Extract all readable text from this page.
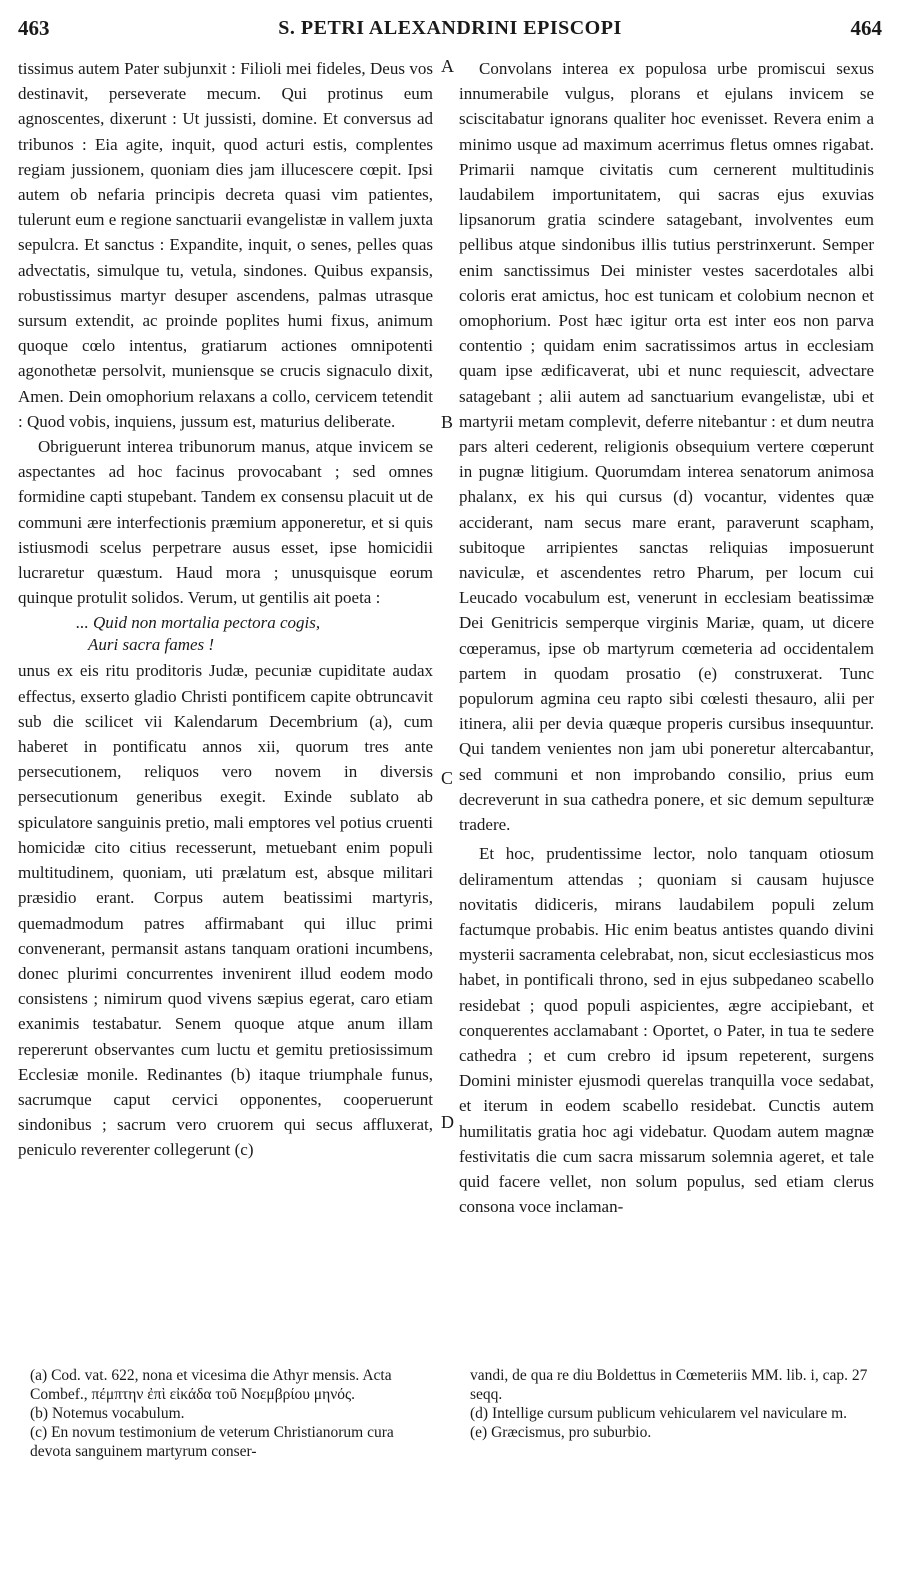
463	S. PETRI ALEXANDRINI EPISCOPI	464

tissimus autem Pater subjunxit : Filioli mei fideles, Deus vos destinavit, perseverate mecum. Qui protinus eum agnoscentes, dixerunt : Ut jussisti, domine. Et conversus ad tribunos : Eia agite, inquit, quod acturi estis, complentes regiam jussionem, quoniam dies jam illucescere cœpit. Ipsi autem ob nefaria principis decreta quasi vim patientes, tulerunt eum e regione sanctuarii evangelistæ in vallem juxta sepulcra. Et sanctus : Expandite, inquit, o senes, pelles quas advectatis, simulque tu, vetula, sindones. Quibus expansis, robustissimus martyr desuper ascendens, palmas utrasque sursum extendit, ac proinde poplites humi fixus, animum quoque cœlo intentus, gratiarum actiones omnipotenti agonothetæ persolvit, muniensque se crucis signaculo dixit, Amen. Dein omophorium relaxans a collo, cervicem tetendit : Quod vobis, inquiens, jussum est, maturius deliberate.

Obriguerunt interea tribunorum manus, atque invicem se aspectantes ad hoc facinus provocabant ; sed omnes formidine capti stupebant. Tandem ex consensu placuit ut de communi ære interfectionis præmium apponeretur, et si quis istiusmodi scelus perpetrare ausus esset, ipse homicidii lucraretur quæstum. Haud mora ; unusquisque eorum quinque protulit solidos. Verum, ut gentilis ait poeta :

... Quid non mortalia pectora cogis,
Auri sacra fames !

unus ex eis ritu proditoris Judæ, pecuniæ cupiditate audax effectus, exserto gladio Christi pontificem capite obtruncavit sub die scilicet vii Kalendarum Decembrium (a), cum haberet in pontificatu annos xii, quorum tres ante persecutionem, reliquos vero novem in diversis persecutionum generibus exegit. Exinde sublato ab spiculatore sanguinis pretio, mali emptores vel potius cruenti homicidæ cito citius recesserunt, metuebant enim populi multitudinem, quoniam, uti prælatum est, absque militari præsidio erant. Corpus autem beatissimi martyris, quemadmodum patres affirmabant qui illuc primi convenerant, permansit astans tanquam orationi incumbens, donec plurimi concurrentes invenirent illud eodem modo consistens ; nimirum quod vivens sæpius egerat, caro etiam exanimis testabatur. Senem quoque atque anum illam repererunt observantes cum luctu et gemitu pretiosissimum Ecclesiæ monile. Redinantes (b) itaque triumphale funus, sacrumque caput cervici opponentes, cooperuerunt sindonibus ; sacrum vero cruorem qui secus affluxerat, peniculo reverenter collegerunt (c)

A
B
C
D

Convolans interea ex populosa urbe promiscui sexus innumerabile vulgus, plorans et ejulans invicem se sciscitabatur ignorans qualiter hoc evenisset. Revera enim a minimo usque ad maximum acerrimus fletus omnes rigabat. Primarii namque civitatis cum cernerent multitudinis laudabilem importunitatem, qui sacras ejus exuvias lipsanorum gratia scindere satagebant, involventes eum pellibus atque sindonibus illis tutius perstrinxerunt. Semper enim sanctissimus Dei minister vestes sacerdotales albi coloris erat amictus, hoc est tunicam et colobium necnon et omophorium. Post hæc igitur orta est inter eos non parva contentio ; quidam enim sacratissimos artus in ecclesiam quam ipse ædificaverat, ubi et nunc requiescit, advectare satagebant ; alii autem ad sanctuarium evangelistæ, ubi et martyrii metam complevit, deferre nitebantur : et dum neutra pars alteri cederent, religionis obsequium vertere cœperunt in pugnæ litigium. Quorumdam interea senatorum animosa phalanx, ex his qui cursus (d) vocantur, videntes quæ acciderant, nam secus mare erant, paraverunt scapham, subitoque arripientes sanctas reliquias imposuerunt naviculæ, et ascendentes retro Pharum, per locum cui Leucado vocabulum est, venerunt in ecclesiam beatissimæ Dei Genitricis semperque virginis Mariæ, quam, ut dicere cœperamus, ipse ob martyrum cœmeteria ad occidentalem partem in quodam prosatio (e) construxerat. Tunc populorum agmina ceu rapto sibi cœlesti thesauro, alii per itinera, alii per devia quæque properis cursibus insequuntur. Qui tandem venientes non jam ubi poneretur altercabantur, sed communi et non improbando consilio, prius eum decreverunt in sua cathedra ponere, et sic demum sepulturæ tradere.

Et hoc, prudentissime lector, nolo tanquam otiosum deliramentum attendas ; quoniam si causam hujusce novitatis didiceris, mirans laudabilem populi zelum factumque probabis. Hic enim beatus antistes quando divini mysterii sacramenta celebrabat, non, sicut ecclesiasticus mos habet, in pontificali throno, sed in ejus subpedaneo scabello residebat ; quod populi aspicientes, ægre accipiebant, et conquerentes acclamabant : Oportet, o Pater, in tua te sedere cathedra ; et cum crebro id ipsum repeterent, surgens Domini minister ejusmodi querelas tranquilla voce sedabat, et iterum in eodem scabello residebat. Cunctis autem humilitatis gratia hoc agi videbatur. Quodam autem magnæ festivitatis die cum sacra missarum solemnia ageret, et tale quid facere vellet, non solum populus, sed etiam clerus consona voce inclaman-

(a) Cod. vat. 622, nona et vicesima die Athyr mensis. Acta Combef., πέμπτην ἐπὶ εἰκάδα τοῦ Νοεμβρίου μηνός.
(b) Notemus vocabulum.
(c) En novum testimonium de veterum Christianorum cura devota sanguinem martyrum conser-
vandi, de qua re diu Boldettus in Cœmeteriis MM. lib. i, cap. 27 seqq.
(d) Intellige cursum publicum vehicularem vel naviculare m.
(e) Græcismus, pro suburbio.
